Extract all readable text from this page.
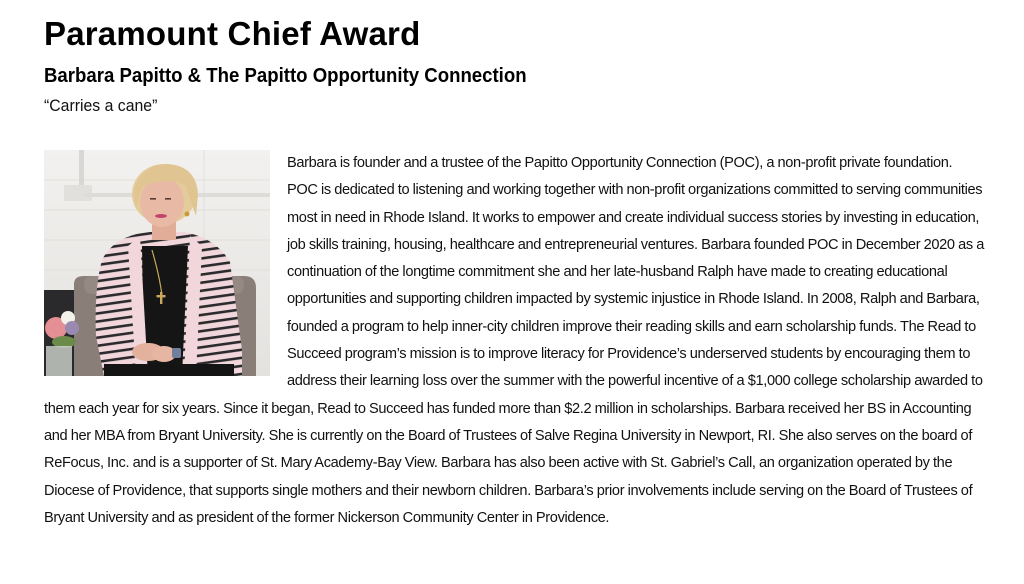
Paramount Chief Award
Barbara Papitto & The Papitto Opportunity Connection

“Carries a cane”

Barbara is founder and a trustee of the Papitto Opportunity Connection (POC), a non-profit private foundation. POC is dedicated to listening and working together with non-profit organizations committed to serving communities most in need in Rhode Island. It works to empower and create individual success stories by investing in education, job skills training, housing, healthcare and entrepreneurial ventures. Barbara founded POC in December 2020 as a continuation of the longtime commitment she and her late-husband Ralph have made to creating educational opportunities and supporting children impacted by systemic injustice in Rhode Island. In 2008, Ralph and Barbara, founded a program to help inner-city children improve their reading skills and earn scholarship funds. The Read to Succeed program’s mission is to improve literacy for Providence’s underserved students by encouraging them to address their learning loss over the summer with the powerful incentive of a $1,000 college scholarship awarded to them each year for six years. Since it began, Read to Succeed has funded more than $2.2 million in scholarships. Barbara received her BS in Accounting and her MBA from Bryant University. She is currently on the Board of Trustees of Salve Regina University in Newport, RI. She also serves on the board of ReFocus, Inc. and is a supporter of St. Mary Academy-Bay View. Barbara has also been active with St. Gabriel’s Call, an organization operated by the Diocese of Providence, that supports single mothers and their newborn children. Barbara’s prior involvements include serving on the Board of Trustees of Bryant University and as president of the former Nickerson Community Center in Providence.
